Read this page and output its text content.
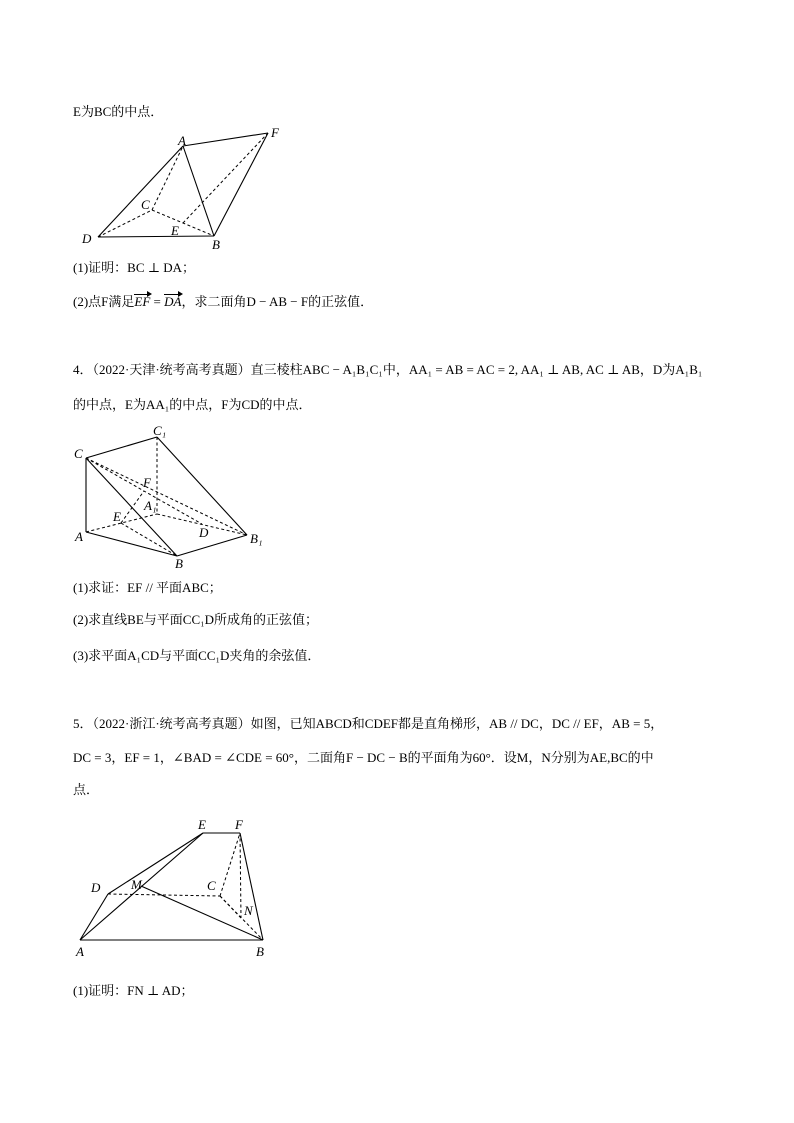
E为BC的中点．
(1)证明：BC ⊥ DA；
(2)点F满足EF = DA，求二面角D − AB − F的正弦值．
4．（2022·天津·统考高考真题）直三棱柱ABC − A₁B₁C₁中，AA₁ = AB = AC = 2, AA₁ ⊥ AB, AC ⊥ AB，D为A₁B₁
的中点，E为AA₁的中点，F为CD的中点．
(1)求证：EF // 平面ABC；
(2)求直线BE与平面CC₁D所成角的正弦值；
(3)求平面A₁CD与平面CC₁D夹角的余弦值．
5．（2022·浙江·统考高考真题）如图，已知ABCD和CDEF都是直角梯形，AB // DC，DC // EF，AB = 5，
DC = 3，EF = 1，∠BAD = ∠CDE = 60°，二面角F − DC − B的平面角为60°．设M，N分别为AE,BC的中
点．
(1)证明：FN ⊥ AD；
A
F
C
D
E
B
C
C₁
F
A₁
E
D
A	B₁
B
E F
D M	C
N
A	B
